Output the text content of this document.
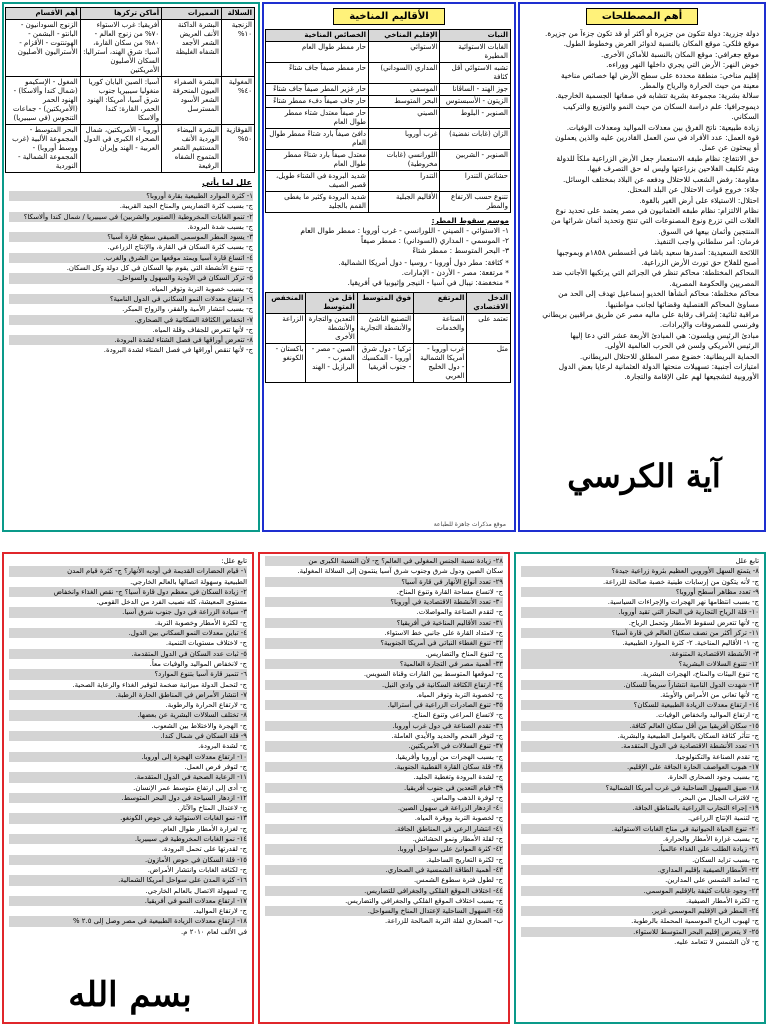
أهم المصطلحات
دولة جزرية: دولة تتكون من جزيرة أو أكثر أو قد تكون جزءاً من جزيرة.
موقع فلكي: موقع المكان بالنسبة لدوائر العرض وخطوط الطول.
موقع جغرافي: موقع المكان بالنسبة للأماكن الأخرى.
خوض النهر: الأرض التي يجري داخلها النهر ووراءه.
إقليم مناخي: منطقة محددة على سطح الأرض لها خصائص مناخية
معينة من حيث الحرارة والرياح والمطر.
سلالة بشرية: مجموعة بشرية تتشابه في صفاتها الجسمية الخارجية.
ديموجرافيا: علم دراسة السكان من حيث النمو والتوزيع والتركيب
السكاني.
زيادة طبيعية: ناتج الفرق بين معدلات المواليد ومعدلات الوفيات.
قوة العمل: عدد الأفراد في سن العمل القادرين عليه والذين يعملون
أو يبحثون عن عمل.
حق الانتفاع: نظام طبقه الاستعمار جعل الأرض الزراعية ملكاً للدولة
ويتم تكليف الفلاحين بزراعتها وليس له حق التصرف فيها.
مقاومة: رفض الشعب للاحتلال ودفعه عن البلاد بمختلف الوسائل.
جلاء: خروج قوات الاحتلال عن البلد المحتل.
احتلال: الاستيلاء على أرض الغير بالقوة.
نظام الالتزام: نظام طبقه العثمانيون في مصر يعتمد على تحديد نوع
الغلات التي تزرع ونوع المصنوعات التي تنتج وتحديد أثمان شرائها من
المنتجين وأثمان بيعها في السوق.
فرمان: أمر سلطاني واجب التنفيذ.
اللائحة السعيدية: أصدرها سعيد باشا في أغسطس ١٨٥٨م وبموجبها
أصبح للفلاح حق تورث الأرض الزراعية.
المحاكم المختلطة: محاكم تنظر في الجرائم التي يرتكبها الأجانب ضد
المصريين والحكومة المصرية.
محاكم مختلطة: محاكم أنشأها الخديو إسماعيل تهدف إلى الحد من
مساوئ المحاكم القنصلية وقضائها لجانب مواطنيها.
مراقبة ثنائية: إشراف رقابة على ماليه مصر عن طريق مراقبين بريطاني
وفرنسي للمصروفات والإيرادات.
مبادئ الرئيس ويلسون: هي المبادئ الأربعة عشر التي دعا إليها
الرئيس الأمريكي ولسن في الحرب العالمية الأولى.
الحماية البريطانية: خضوع مصر المطلق للاحتلال البريطاني.
امتيازات أجنبية: تسهيلات منحتها الدولة العثمانية لرعايا بعض الدول
الأوروبية لتشجيعها لهم على الإقامة والتجارة.
آية الكرسي
الأقاليم المناخية
النبات	الإقليم المناخي	الخصائص المناخية
الغابات الاستوائية المطيرة	الاستوائي	حار ممطر طوال العام
تشبه الاستوائي أقل كثافة	المداري (السوداني)	حار ممطر صيفاً جاف شتاءً
جوز الهند - الساڤانا	الموسمي	حار غزير المطر صيفاً جاف شتاءً
الزيتون - الأسبستوس	البحر المتوسط	حار جاف صيفاً دفء ممطر شتاءً
الصنوبر - البلوط	الصيني	حار صيفاً معتدل شتاء ممطر طوال العام
الزان (غابات نفضية)	غرب أوروبا	دافئ صيفاً بارد شتاءً ممطر طوال العام
الصنوبر - الشربين	اللورانسي (غابات مخروطية)	معتدل صيفاً بارد شتاءً ممطر طوال العام
حشائش التندرا	التندرا	شديد البرودة في الشتاء طويل، قصير الصيف
تتنوع حسب الارتفاع والمطر	الأقاليم الجبلية	شديد البرودة وكثير ما يغطى القمم بالجليد
موسم سقوط المطر:
١- الاستوائي - الصيني - اللورانسي - غرب أوروبا : ممطر طوال العام
٢- الموسمي - المداري (السوداني) : ممطر صيفاً
٣- البحر المتوسط : ممطر شتاءً
* كثافة: مطر دول أوروبا - روسيا - دول أمريكا الشمالية.
* مرتفعة: مصر - الأردن - الإمارات.
* منخفضة: نيبال في آسيا - النيجر وإثيوبيا في أفريقيا.
الدخل الاقتصادي	المرتفع	فوق المتوسط	أقل من المتوسط	المنخفض
تعتمد على	الصناعة والخدمات	التصنيع الناشئ والأنشطة التجارية	التعدين والتجارة والأنشطة الأخرى	الزراعة
مثل	غرب أوروبا - أمريكا الشمالية - دول الخليج العربي	تركيا - دول شرق أوروبا - المكسيك - جنوب أفريقيا	الصين - مصر - المغرب - البرازيل - الهند	باكستان - الكونغو
موقع مذكرات جاهزة للطباعة
السلالة	المميزات	أماكن تركزها	أهم الأقسام
الزنجية ١٠%	البشرة الداكنة الأنف العريض الشعر الأجعد الشفاه الغليظة	أفريقيا: غرب الاستواء ٧٠% من زنوج العالم - ٨٠% من سكان القارة، آسيا: شرق الهند، أستراليا: السكان الأصليون الأمريكتين	الزنوج السودانيون - البانتو - البشمن - الهوتنتوت - الأقزام - الأستراليون الأصليون
المغولية ٤٠%	البشرة الصفراء العيون المنحرفة الشعر الأسود المسترسل	آسيا: الصين اليابان كوريا منغوليا سيبيريا جنوب شرق آسيا، أمريكا: الهنود الحمر، القارة: كندا وألاسكا	المغول - الإسكيمو (شمال كندا وألاسكا) - الهنود الحمر (الأمريكتين) - جماعات التنجوس (في سيبيريا)
القوقازية ٥٠%	البشرة البيضاء الوردية الأنف المستقيم الشعر المتموج الشفاه الرفيعة	أوروبا - الأمريكتين، شمال الصحراء الكبرى في الدول العربية - الهند وإيران	البحر المتوسط - المجموعة الألبية (غرب ووسط أوروبا) - المجموعة الشمالية - النوردية
علل لما يأتي
١- كثرة الموارد الطبيعية بقارة أوروبا؟
ج- بسبب كثرة التضاريس والمناخ الجيد القريبة.
٢- تنمو الغابات المخروطية (الصنوبر والشربين) في سيبيريا / شمال كندا وألاسكا؟
ج- بسبب شدة البرودة.
٣- يسود المطر الموسمي الصيفي سطح قارة آسيا؟
ج- بسبب كثرة السكان في القارة، والإنتاج الزراعي.
٤- اتساع قارة آسيا ويمتد موقعها من الشرق والغرب.
ج- تتنوع الأنشطة التي يقوم بها السكان في كل دولة وكل السكان.
٥- تركز السكان في الأودية والسهول والسواحل.
ج- بسبب خصوبة التربة وتوفر المياه.
٦- ارتفاع معدلات النمو السكاني في الدول النامية؟
ج- بسبب انتشار الأمية والفقر، والزواج المبكر.
٧- انخفاض الكثافة السكانية في الصحاري.
ج- لأنها تتعرض للجفاف وقلة المياه.
٨- تتعرض أوراقها في فصل الشتاء لشدة البرودة.
ج- لأنها تنقص أوراقها في فصل الشتاء لشدة البرودة.
تابع علل
٨- يتمتع السهل الأوروبي العظيم بثروة زراعية جيدة؟
ج- لأنه يتكون من إرسابات طينية خصبة صالحة للزراعة.
٩- تعدد مظاهر أسطح أوروبا؟
ج- بسبب انتظامها نهر الهجرات والإجراءات السياسية.
١٠- قلة الرياح التجارية في البحار التي تقيد أوروبا.
ج- لأنها تتعرض لسقوط الأمطار وتحمل الرياح.
١١- تركز أكثر من نصف سكان العالم في قارة آسيا؟
ج- ١- الأقاليم المناخية. ٢- كثرة الموارد الطبيعية.
٣- الأنشطة الاقتصادية المتنوعة.
١٢- تتنوع السلالات البشرية؟
ج- تنوع البيئات والمناخ، الهجرات البشرية.
١٣- شهدت الدول النامية انتشاراً سريعاً للسكان.
ج- لأنها تعاني من الأمراض والأوبئة.
١٤- ارتفاع معدلات الزيادة الطبيعية للسكان؟
ج- ارتفاع المواليد وانخفاض الوفيات.
١٥- سكان أفريقيا من أقل سكان العالم كثافة.
ج- تتأثر كثافة السكان بالعوامل الطبيعية والبشرية.
١٦- تعدد الأنشطة الاقتصادية في الدول المتقدمة.
ج- تقدم الصناعة والتكنولوجيا.
١٧- هبوب العواصف الحارة الجافة على الإقليم.
ج- بسبب وجود الصحاري الحارة.
١٨- ضيق السهول الساحلية في غرب أمريكا الشمالية؟
ج- لاقتراب الجبال من البحر.
١٩- إجراء التجارب الزراعية بالمناطق الجافة.
ج- لتنمية الإنتاج الزراعي.
٢٠- تنوع الحياة الحيوانية في مناخ الغابات الاستوائية.
ج- بسبب غزارة الأمطار والحرارة.
٢١- زيادة الطلب على الغذاء عالمياً.
ج- بسبب تزايد السكان.
٢٢- الأمطار الصيفية بإقليم المداري.
ج- لتعامد الشمس على المدارين.
٢٣- وجود غابات كثيفة بالإقليم الموسمي.
ج- لكثرة الأمطار الصيفية.
٢٤- المطر في الإقليم الموسمي غزير.
ج- لهبوب الرياح الموسمية المحملة بالرطوبة.
٢٥- لا يتعرض إقليم البحر المتوسط للاستواء.
ج- لأن الشمس لا تتعامد عليه.
٢٨- زيادة نسبة الجنس المغولي في العالم؟ ج- لأن النسبة الكبرى من
سكان الصين ودول شرق وجنوب شرق آسيا ينتمون إلى السلالة المغولية.
٢٩- تعدد أنواع الأنهار في قارة آسيا؟
ج- لاتساع مساحة القارة وتنوع المناخ.
٣٠- تعدد الأنشطة الاقتصادية في أوروبا؟
ج- لتقدم الصناعة والمواصلات.
٣١- تعدد الأقاليم المناخية في أفريقيا؟
ج- لامتداد القارة على جانبي خط الاستواء.
٣٢- تنوع الغطاء النباتي في أمريكا الجنوبية؟
ج- لتنوع المناخ والتضاريس.
٣٣- أهمية مصر في التجارة العالمية؟
ج- لموقعها المتوسط بين القارات وقناة السويس.
٣٤- ارتفاع الكثافة السكانية في وادي النيل.
ج- لخصوبة التربة وتوفر المياه.
٣٥- تنوع الصادرات الزراعية في أستراليا.
ج- لاتساع المراعي وتنوع المناخ.
٣٦- تقدم الصناعة في دول غرب أوروبا.
ج- لتوفر الفحم والحديد والأيدي العاملة.
٣٧- تنوع السلالات في الأمريكتين.
ج- بسبب الهجرات من أوروبا وأفريقيا.
٣٨- قلة سكان القارة القطبية الجنوبية.
ج- لشدة البرودة وتغطية الجليد.
٣٩- قيام التعدين في جنوب أفريقيا.
ج- لوفرة الذهب والماس.
٤٠- ازدهار الزراعة في سهول الصين.
ج- لخصوبة التربة ووفرة المياه.
٤١- انتشار الرعي في المناطق الجافة.
ج- لقلة الأمطار ونمو الحشائش.
٤٢- كثرة الموانئ على سواحل أوروبا.
ج- لكثرة التعاريج الساحلية.
٤٣- أهمية الطاقة الشمسية في الصحاري.
ج- لطول فترة سطوع الشمس.
٤٤- اختلاف الموقع الفلكي والجغرافي للتضاريس.
ج- بسبب اختلاف الموقع الفلكي والجغرافي والتضاريس.
٤٥- السهول الساحلية لإعتدال المناخ والسواحل.
ب- الصحاري لقلة التربة الصالحة للزراعة.
تابع علل:
١- قيام الحضارات القديمة في أوديه الأنهار؟ ج- كثرة قيام المدن
الطبيعية وسهولة اتصالها بالعالم الخارجي.
٢- زيادة السكان في معظم دول قارة آسيا؟ ج- نقص الغذاء وانخفاض
مستوى المعيشة، كله نصيب الفرد من الدخل القومي.
٣- سيادة الزراعة في دول جنوب شرق آسيا.
ج- لكثرة الأمطار وخصوبة التربة.
٤- تباين معدلات النمو السكاني بين الدول.
ج- لاختلاف مستويات التنمية.
٥- ثبات عدد السكان في الدول المتقدمة.
ج- لانخفاض المواليد والوفيات معاً.
٦- تتميز قارة آسيا بتنوع الموارد؟
ج- لتحمل الدولة ميزانية ضخمة لتوفير الغذاء والرعاية الصحية.
٧- انتشار الأمراض في المناطق الحارة الرطبة.
ج- لارتفاع الحرارة والرطوبة.
٨- تختلف السلالات البشرية عن بعضها.
ج- الهجرة والاختلاط بين الشعوب.
٩- قلة السكان في شمال كندا.
ج- لشدة البرودة.
١٠- ارتفاع معدلات الهجرة إلى أوروبا.
ج- لتوفر فرص العمل.
١١- الرعاية الصحية في الدول المتقدمة.
ج- أدى إلى ارتفاع متوسط عمر الإنسان.
١٢- ازدهار السياحة في دول البحر المتوسط.
ج- لاعتدال المناخ والآثار.
١٣- نمو الغابات الاستوائية في حوض الكونغو.
ج- لغزارة الأمطار طوال العام.
١٤- نمو الغابات المخروطية في سيبيريا.
ج- لقدرتها على تحمل البرودة.
١٥- قلة السكان في حوض الأمازون.
ج- لكثافة الغابات وانتشار الأمراض.
١٦- كثرة المدن على سواحل أمريكا الشمالية.
ج- لسهولة الاتصال بالعالم الخارجي.
١٧- ارتفاع معدلات النمو في أفريقيا.
ج- لارتفاع المواليد.
١٨- ارتفاع معدلات الزيادة الطبيعية في مصر وصل إلى ٢.٥ %
في الألف لعام ٢٠١٠ م.
بسم الله
